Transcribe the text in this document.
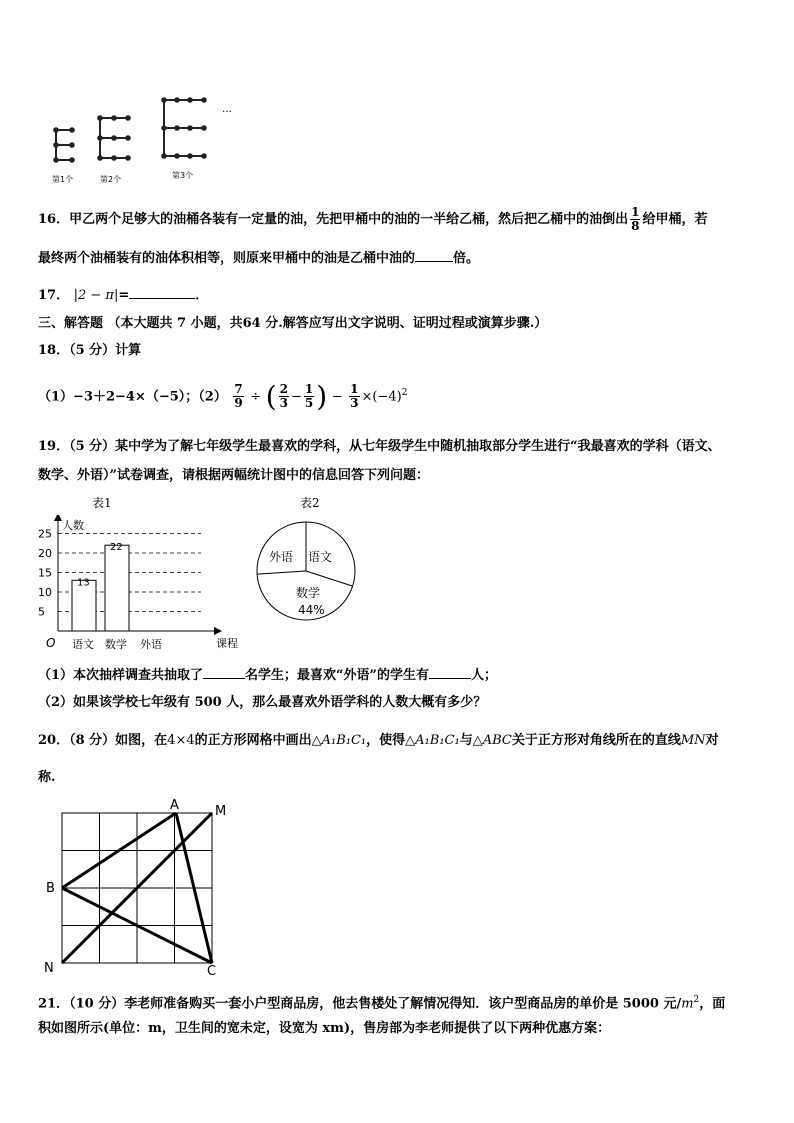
第1个	第2个	第3个
…
16．甲乙两个足够大的油桶各装有一定量的油，先把甲桶中的油的一半给乙桶，然后把乙桶中的油倒出 $\frac{1}{8}$ 给甲桶，若
最终两个油桶装有的油体积相等，则原来甲桶中的油是乙桶中油的	倍。
17． |2 − π|=	．
三、解答题 （本大题共 7 小题，共64 分.解答应写出文字说明、证明过程或演算步骤.）
18．（5 分）计算
（1）−3＋2−4×（−5）；$(2) \frac{7}{9}$ ÷ ( $\frac{2}{3} - \frac{1}{5}$ ) − $\frac{1}{3} \times(-4)^2$
19．（5 分）某中学为了解七年级学生最喜欢的学科，从七年级学生中随机抽取部分学生进行“我最喜欢的学科（语文、
数学、外语）”试卷调查，请根据两幅统计图中的信息回答下列问题：
表1	表2
5
10
15
20
25
13
语文
22
数学 外语
人数
课程
O
外语 语文
数学
44%
（1）本次抽样调查共抽取了	名学生；最喜欢“外语”的学生有	人；
（2）如果该学校七年级有 500 人，那么最喜欢外语学科的人数大概有多少？
20．（8 分）如图，在4×4的正方形网格中画出△A₁B₁C₁，使得△A₁B₁C₁与△ABC关于正方形对角线所在的直线MN对
称.
A	M
B
N	C
21．（10 分）李老师准备购买一套小户型商品房，他去售楼处了解情况得知．该户型商品房的单价是 5000 元$/m^2$，面
积如图所示(单位：m，卫生间的宽未定，设宽为 xm)，售房部为李老师提供了以下两种优惠方案：
